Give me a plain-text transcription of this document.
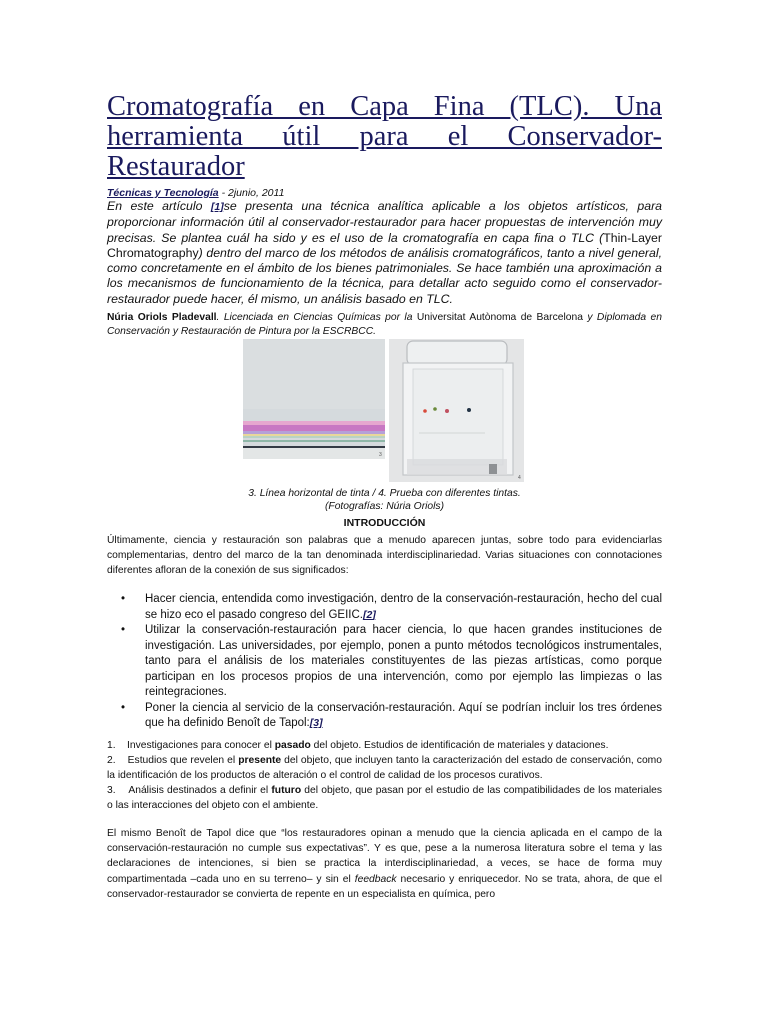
Cromatografía en Capa Fina (TLC). Una herramienta útil para el Conservador-Restaurador
Técnicas y Tecnología - 2junio, 2011
En este artículo [1]se presenta una técnica analítica aplicable a los objetos artísticos, para proporcionar información útil al conservador-restaurador para hacer propuestas de intervención muy precisas. Se plantea cuál ha sido y es el uso de la cromatografía en capa fina o TLC (Thin-Layer Chromatography) dentro del marco de los métodos de análisis cromatográficos, tanto a nivel general, como concretamente en el ámbito de los bienes patrimoniales. Se hace también una aproximación a los mecanismos de funcionamiento de la técnica, para detallar acto seguido como el conservador-restaurador puede hacer, él mismo, un análisis basado en TLC.
Núria Oriols Pladevall. Licenciada en Ciencias Químicas por la Universitat Autònoma de Barcelona y Diplomada en Conservación y Restauración de Pintura por la ESCRBCC.
3
4
3. Línea horizontal de tinta / 4. Prueba con diferentes tintas.
(Fotografías: Núria Oriols)
INTRODUCCIÓN
Últimamente, ciencia y restauración son palabras que a menudo aparecen juntas, sobre todo para evidenciarlas complementarias, dentro del marco de la tan denominada interdisciplinariedad. Varias situaciones con connotaciones diferentes afloran de la conexión de sus significados:
• Hacer ciencia, entendida como investigación, dentro de la conservación-restauración, hecho del cual se hizo eco el pasado congreso del GEIIC.[2]
• Utilizar la conservación-restauración para hacer ciencia, lo que hacen grandes instituciones de investigación. Las universidades, por ejemplo, ponen a punto métodos tecnológicos instrumentales, tanto para el análisis de los materiales constituyentes de las piezas artísticas, como porque participan en los procesos propios de una intervención, como por ejemplo las limpiezas o las reintegraciones.
• Poner la ciencia al servicio de la conservación-restauración. Aquí se podrían incluir los tres órdenes que ha definido Benoît de Tapol:[3]
1. Investigaciones para conocer el pasado del objeto. Estudios de identificación de materiales y dataciones.
2. Estudios que revelen el presente del objeto, que incluyen tanto la caracterización del estado de conservación, como la identificación de los productos de alteración o el control de calidad de los procesos curativos.
3. Análisis destinados a definir el futuro del objeto, que pasan por el estudio de las compatibilidades de los materiales o las interacciones del objeto con el ambiente.
El mismo Benoît de Tapol dice que “los restauradores opinan a menudo que la ciencia aplicada en el campo de la conservación-restauración no cumple sus expectativas”. Y es que, pese a la numerosa literatura sobre el tema y las declaraciones de intenciones, si bien se practica la interdisciplinariedad, a veces, se hace de forma muy compartimentada –cada uno en su terreno– y sin el feedback necesario y enriquecedor. No se trata, ahora, de que el conservador-restaurador se convierta de repente en un especialista en química, pero
